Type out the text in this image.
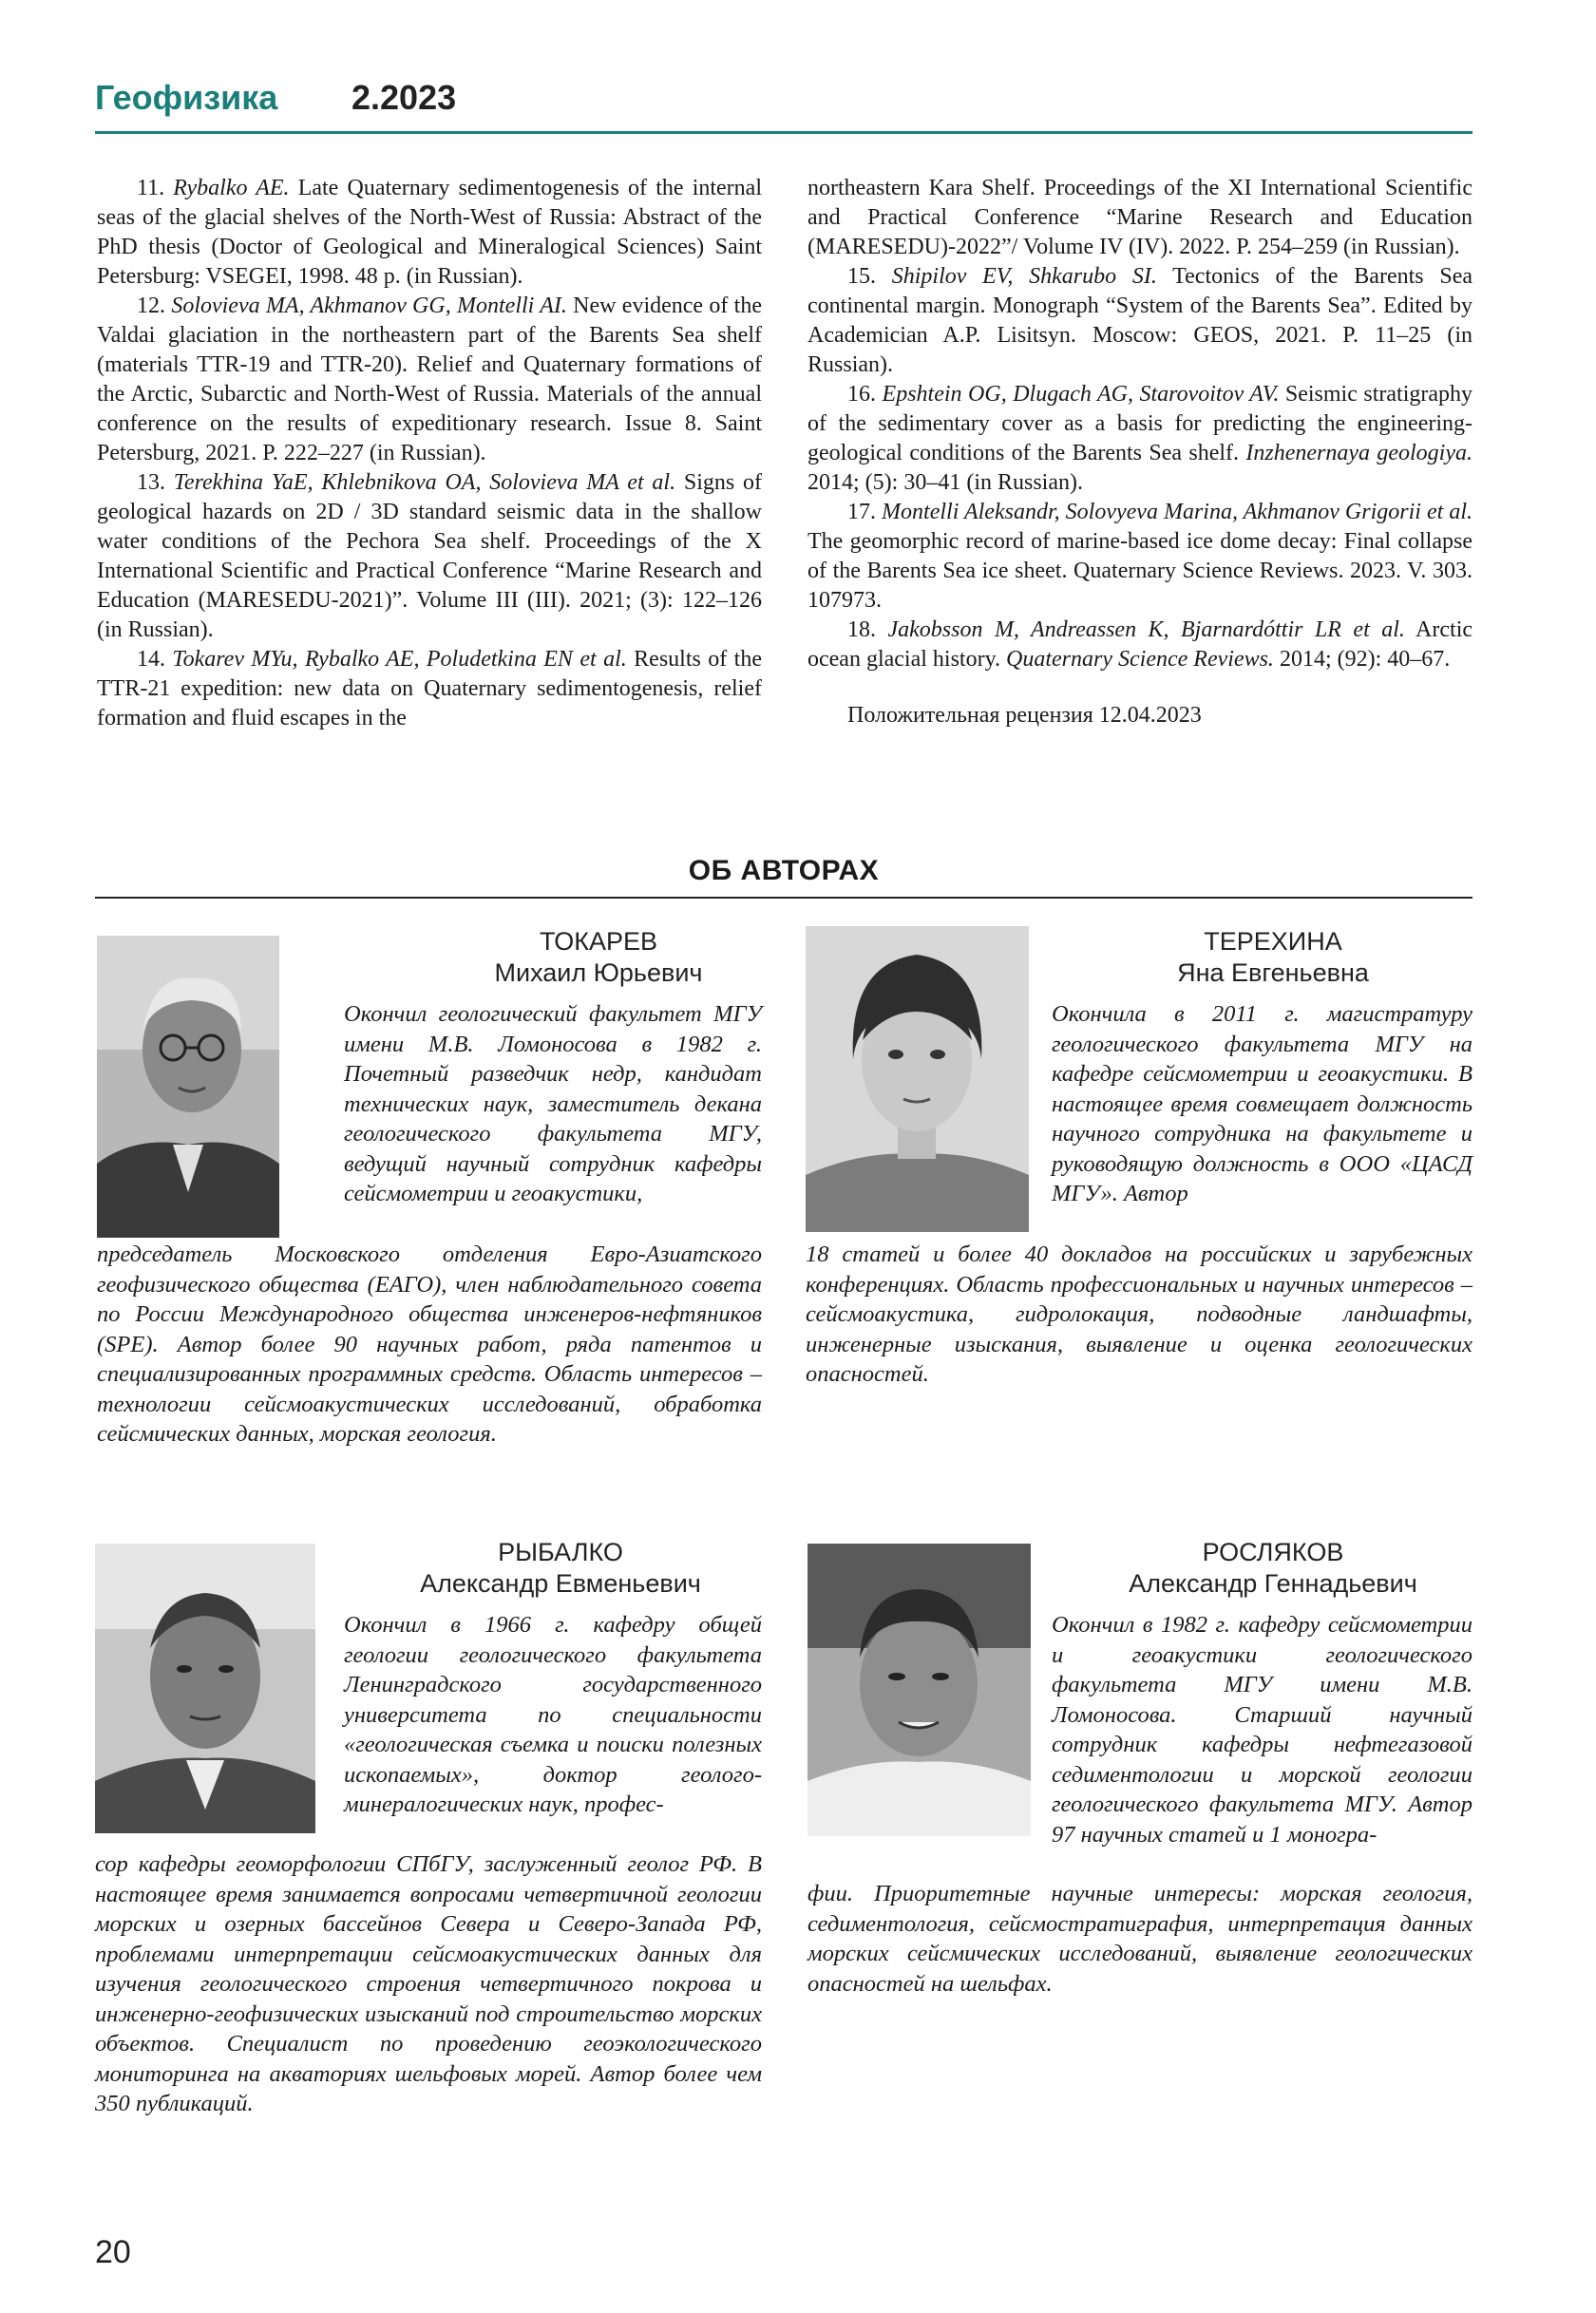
Геофизика 2.2023

11. Rybalko AE. Late Quaternary sedimentogenesis of the internal seas of the glacial shelves of the North-West of Russia: Abstract of the PhD thesis (Doctor of Geological and Mineralogical Sciences) Saint Petersburg: VSEGEI, 1998. 48 p. (in Russian).

12. Solovieva MA, Akhmanov GG, Montelli AI. New evidence of the Valdai glaciation in the northeastern part of the Barents Sea shelf (materials TTR-19 and TTR-20). Relief and Quaternary formations of the Arctic, Subarctic and North-West of Russia. Materials of the annual conference on the results of expeditionary research. Issue 8. Saint Petersburg, 2021. P. 222–227 (in Russian).

13. Terekhina YaE, Khlebnikova OA, Solovieva MA et al. Signs of geological hazards on 2D / 3D standard seismic data in the shallow water conditions of the Pechora Sea shelf. Proceedings of the X International Scientific and Practical Conference “Marine Research and Education (MARESEDU-2021)”. Volume III (III). 2021; (3): 122–126 (in Russian).

14. Tokarev MYu, Rybalko AE, Poludetkina EN et al. Results of the TTR-21 expedition: new data on Quaternary sedimentogenesis, relief formation and fluid escapes in the

northeastern Kara Shelf. Proceedings of the XI International Scientific and Practical Conference “Marine Research and Education (MARESEDU)-2022”/ Volume IV (IV). 2022. P. 254–259 (in Russian).

15. Shipilov EV, Shkarubo SI. Tectonics of the Barents Sea continental margin. Monograph “System of the Barents Sea”. Edited by Academician A.P. Lisitsyn. Moscow: GEOS, 2021. P. 11–25 (in Russian).

16. Epshtein OG, Dlugach AG, Starovoitov AV. Seismic stratigraphy of the sedimentary cover as a basis for predicting the engineering-geological conditions of the Barents Sea shelf. Inzhenernaya geologiya. 2014; (5): 30–41 (in Russian).

17. Montelli Aleksandr, Solovyeva Marina, Akhmanov Grigorii et al. The geomorphic record of marine-based ice dome decay: Final collapse of the Barents Sea ice sheet. Quaternary Science Reviews. 2023. V. 303. 107973.

18. Jakobsson M, Andreassen K, Bjarnardóttir LR et al. Arctic ocean glacial history. Quaternary Science Reviews. 2014; (92): 40–67.

Положительная рецензия 12.04.2023

ОБ АВТОРАХ
ТОКАРЕВ
Михаил Юрьевич
Окончил геологический факультет МГУ имени М.В. Ломоносова в 1982 г. Почетный разведчик недр, кандидат технических наук, заместитель декана геологического факультета МГУ, ведущий научный сотрудник кафедры сейсмометрии и геоакустики,
председатель Московского отделения Евро-Азиатского геофизического общества (ЕАГО), член наблюдательного совета по России Международного общества инженеров-нефтяников (SPE). Автор более 90 научных работ, ряда патентов и специализированных программных средств. Область интересов – технологии сейсмоакустических исследований, обработка сейсмических данных, морская геология.
ТЕРЕХИНА
Яна Евгеньевна
Окончила в 2011 г. магистратуру геологического факультета МГУ на кафедре сейсмометрии и геоакустики. В настоящее время совмещает должность научного сотрудника на факультете и руководящую должность в ООО «ЦАСД МГУ». Автор
18 статей и более 40 докладов на российских и зарубежных конференциях. Область профессиональных и научных интересов – сейсмоакустика, гидролокация, подводные ландшафты, инженерные изыскания, выявление и оценка геологических опасностей.
РЫБАЛКО
Александр Евменьевич
Окончил в 1966 г. кафедру общей геологии геологического факультета Ленинградского государственного университета по специальности «геологическая съемка и поиски полезных ископаемых», доктор геолого-минералогических наук, профес-
сор кафедры геоморфологии СПбГУ, заслуженный геолог РФ. В настоящее время занимается вопросами четвертичной геологии морских и озерных бассейнов Севера и Северо-Запада РФ, проблемами интерпретации сейсмоакустических данных для изучения геологического строения четвертичного покрова и инженерно-геофизических изысканий под строительство морских объектов. Специалист по проведению геоэкологического мониторинга на акваториях шельфовых морей. Автор более чем 350 публикаций.
РОСЛЯКОВ
Александр Геннадьевич
Окончил в 1982 г. кафедру сейсмометрии и геоакустики геологического факультета МГУ имени М.В. Ломоносова. Старший научный сотрудник кафедры нефтегазовой седиментологии и морской геологии геологического факультета МГУ. Автор 97 научных статей и 1 моногра-
фии. Приоритетные научные интересы: морская геология, седиментология, сейсмостратиграфия, интерпретация данных морских сейсмических исследований, выявление геологических опасностей на шельфах.
20
